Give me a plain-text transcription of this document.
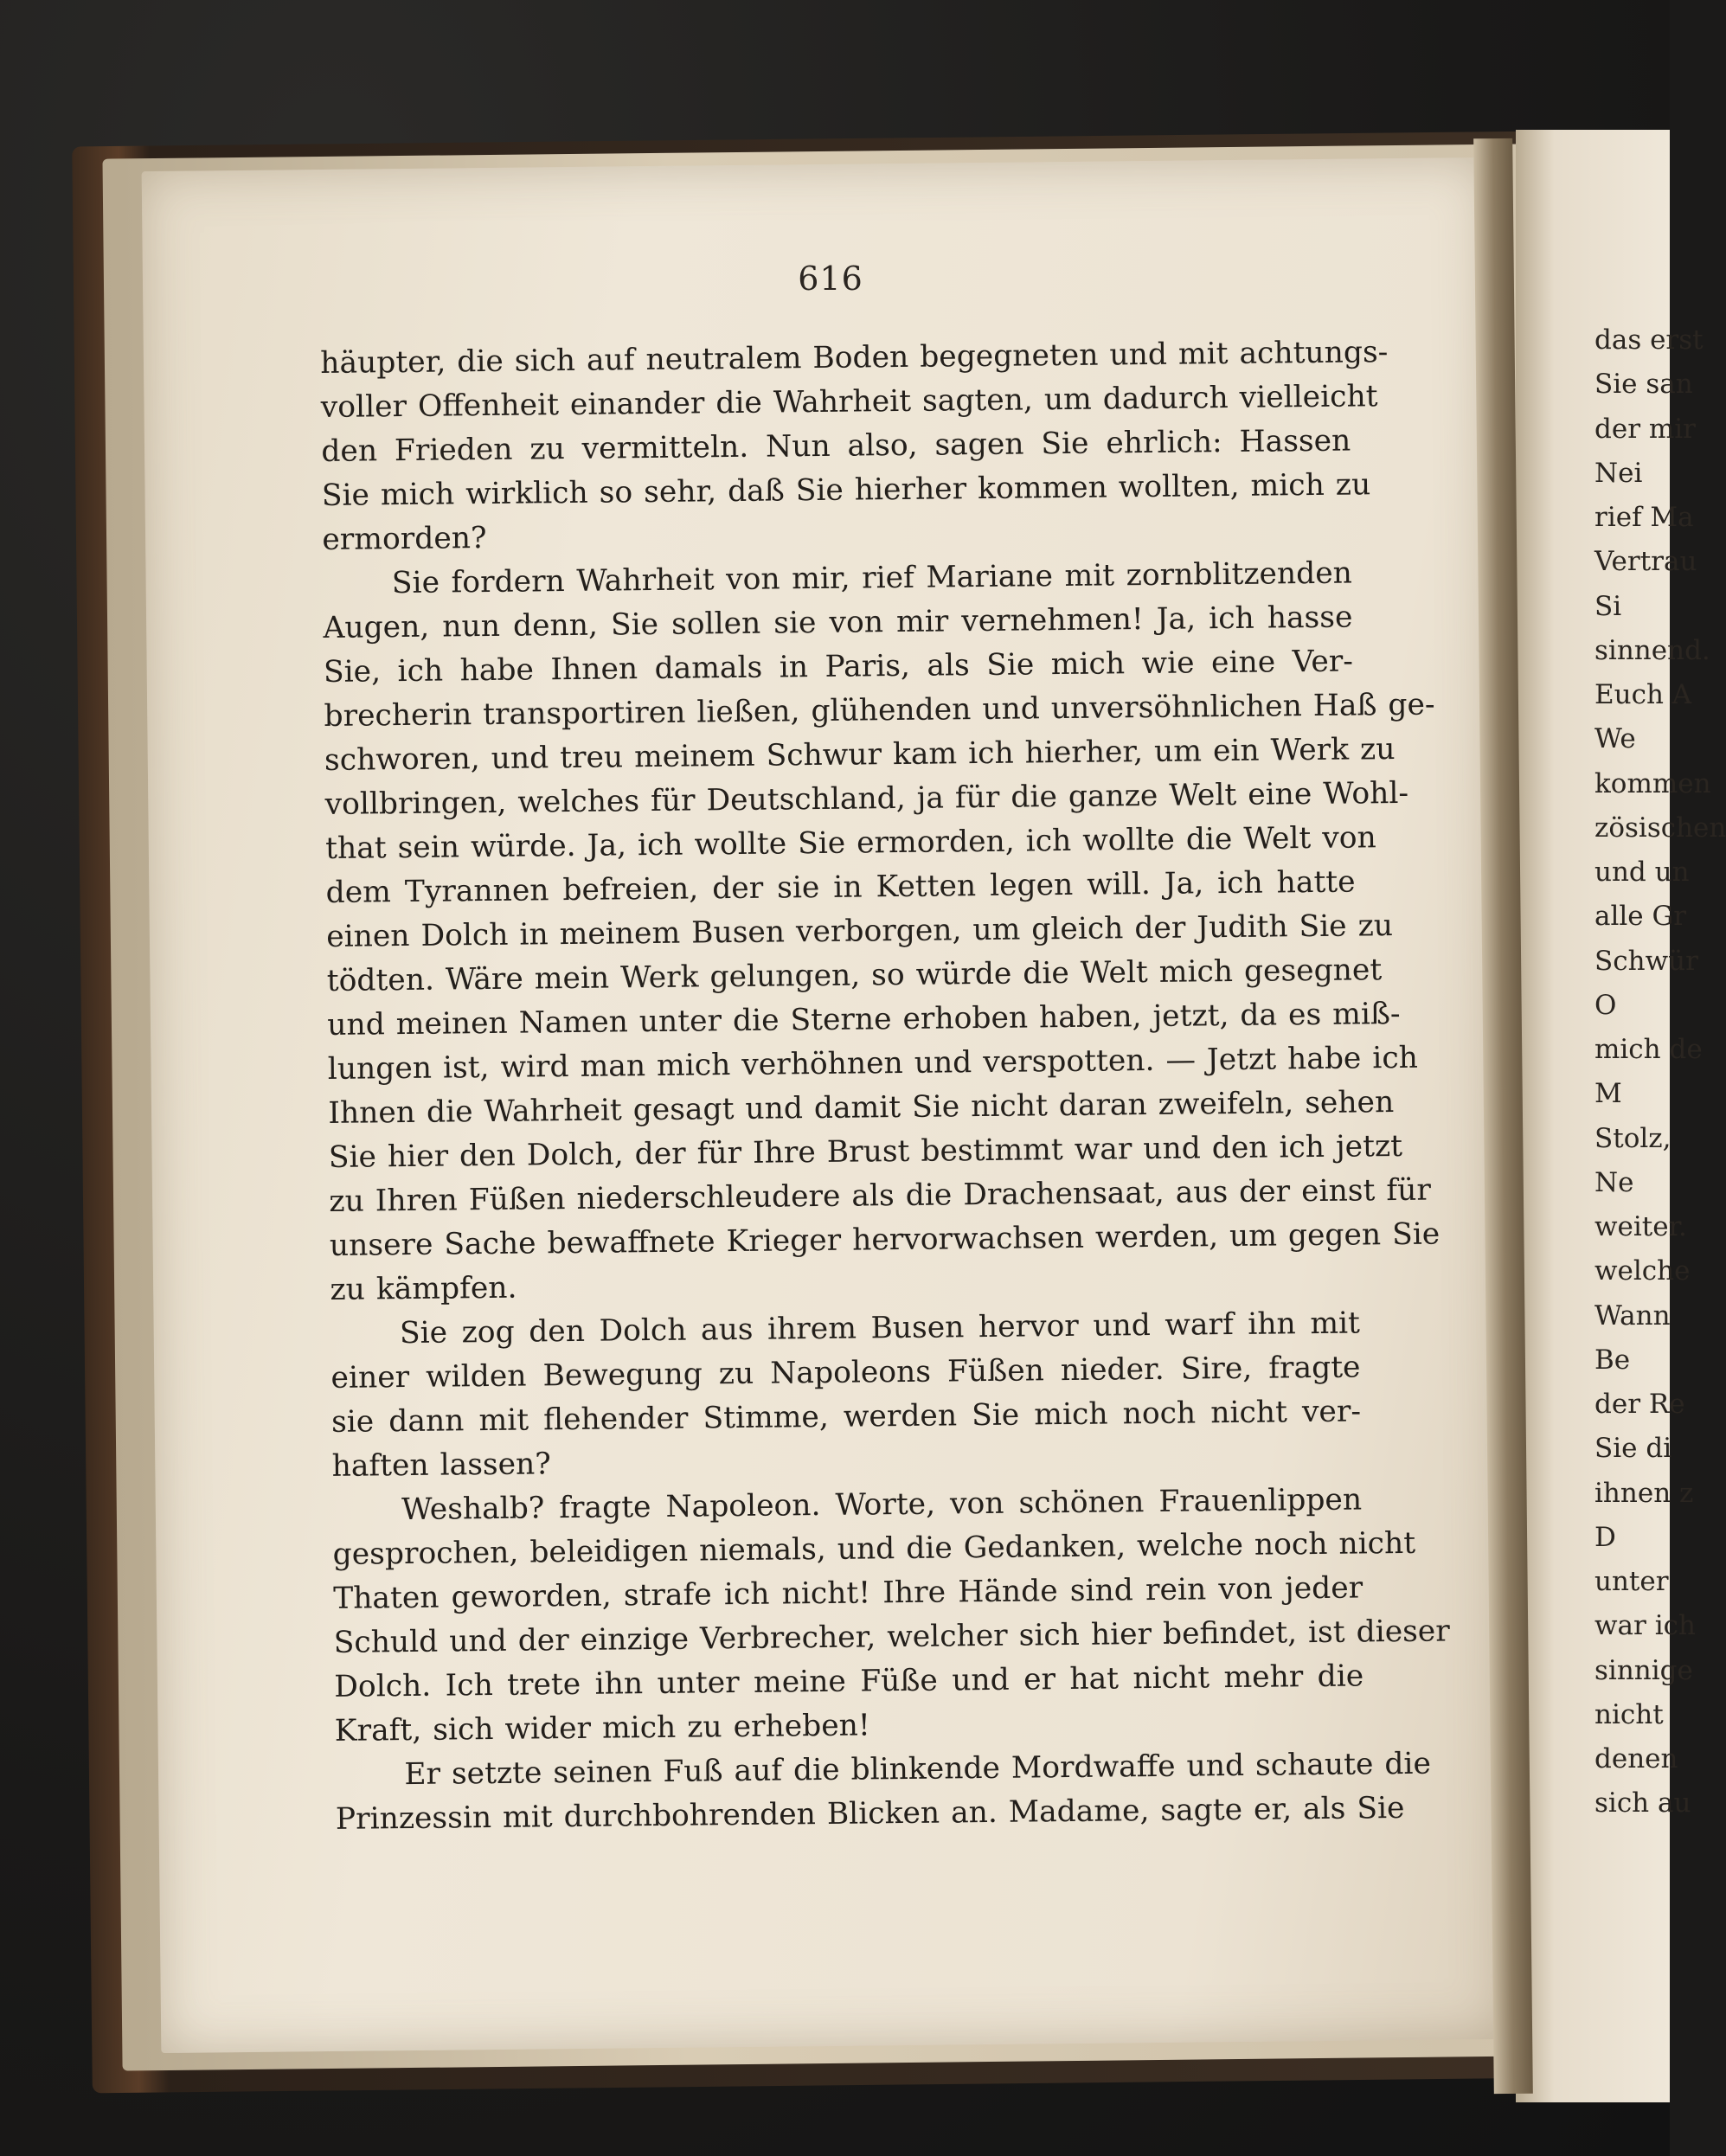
616
häupter, die sich auf neutralem Boden begegneten und mit achtungs-
voller Offenheit einander die Wahrheit sagten, um dadurch vielleicht
den Frieden zu vermitteln. Nun also, sagen Sie ehrlich: Hassen
Sie mich wirklich so sehr, daß Sie hierher kommen wollten, mich zu
ermorden?
Sie fordern Wahrheit von mir, rief Mariane mit zornblitzenden
Augen, nun denn, Sie sollen sie von mir vernehmen! Ja, ich hasse
Sie, ich habe Ihnen damals in Paris, als Sie mich wie eine Ver-
brecherin transportiren ließen, glühenden und unversöhnlichen Haß ge-
schworen, und treu meinem Schwur kam ich hierher, um ein Werk zu
vollbringen, welches für Deutschland, ja für die ganze Welt eine Wohl-
that sein würde. Ja, ich wollte Sie ermorden, ich wollte die Welt von
dem Tyrannen befreien, der sie in Ketten legen will. Ja, ich hatte
einen Dolch in meinem Busen verborgen, um gleich der Judith Sie zu
tödten. Wäre mein Werk gelungen, so würde die Welt mich gesegnet
und meinen Namen unter die Sterne erhoben haben, jetzt, da es miß-
lungen ist, wird man mich verhöhnen und verspotten. — Jetzt habe ich
Ihnen die Wahrheit gesagt und damit Sie nicht daran zweifeln, sehen
Sie hier den Dolch, der für Ihre Brust bestimmt war und den ich jetzt
zu Ihren Füßen niederschleudere als die Drachensaat, aus der einst für
unsere Sache bewaffnete Krieger hervorwachsen werden, um gegen Sie
zu kämpfen.
Sie zog den Dolch aus ihrem Busen hervor und warf ihn mit
einer wilden Bewegung zu Napoleons Füßen nieder. Sire, fragte
sie dann mit flehender Stimme, werden Sie mich noch nicht ver-
haften lassen?
Weshalb? fragte Napoleon. Worte, von schönen Frauenlippen
gesprochen, beleidigen niemals, und die Gedanken, welche noch nicht
Thaten geworden, strafe ich nicht! Ihre Hände sind rein von jeder
Schuld und der einzige Verbrecher, welcher sich hier befindet, ist dieser
Dolch. Ich trete ihn unter meine Füße und er hat nicht mehr die
Kraft, sich wider mich zu erheben!
Er setzte seinen Fuß auf die blinkende Mordwaffe und schaute die
Prinzessin mit durchbohrenden Blicken an. Madame, sagte er, als Sie
das erst
Sie san
der mir
Nei
rief Ma
Vertrau
Si
sinnend.
Euch A
We
kommen
zösischen
und un
alle Gr
Schwür
O
mich de
M
Stolz,
Ne
weiter.
welche
Wann
Be
der Re
Sie di
ihnen z
D
unter
war ich
sinnige
nicht
denen
sich au
